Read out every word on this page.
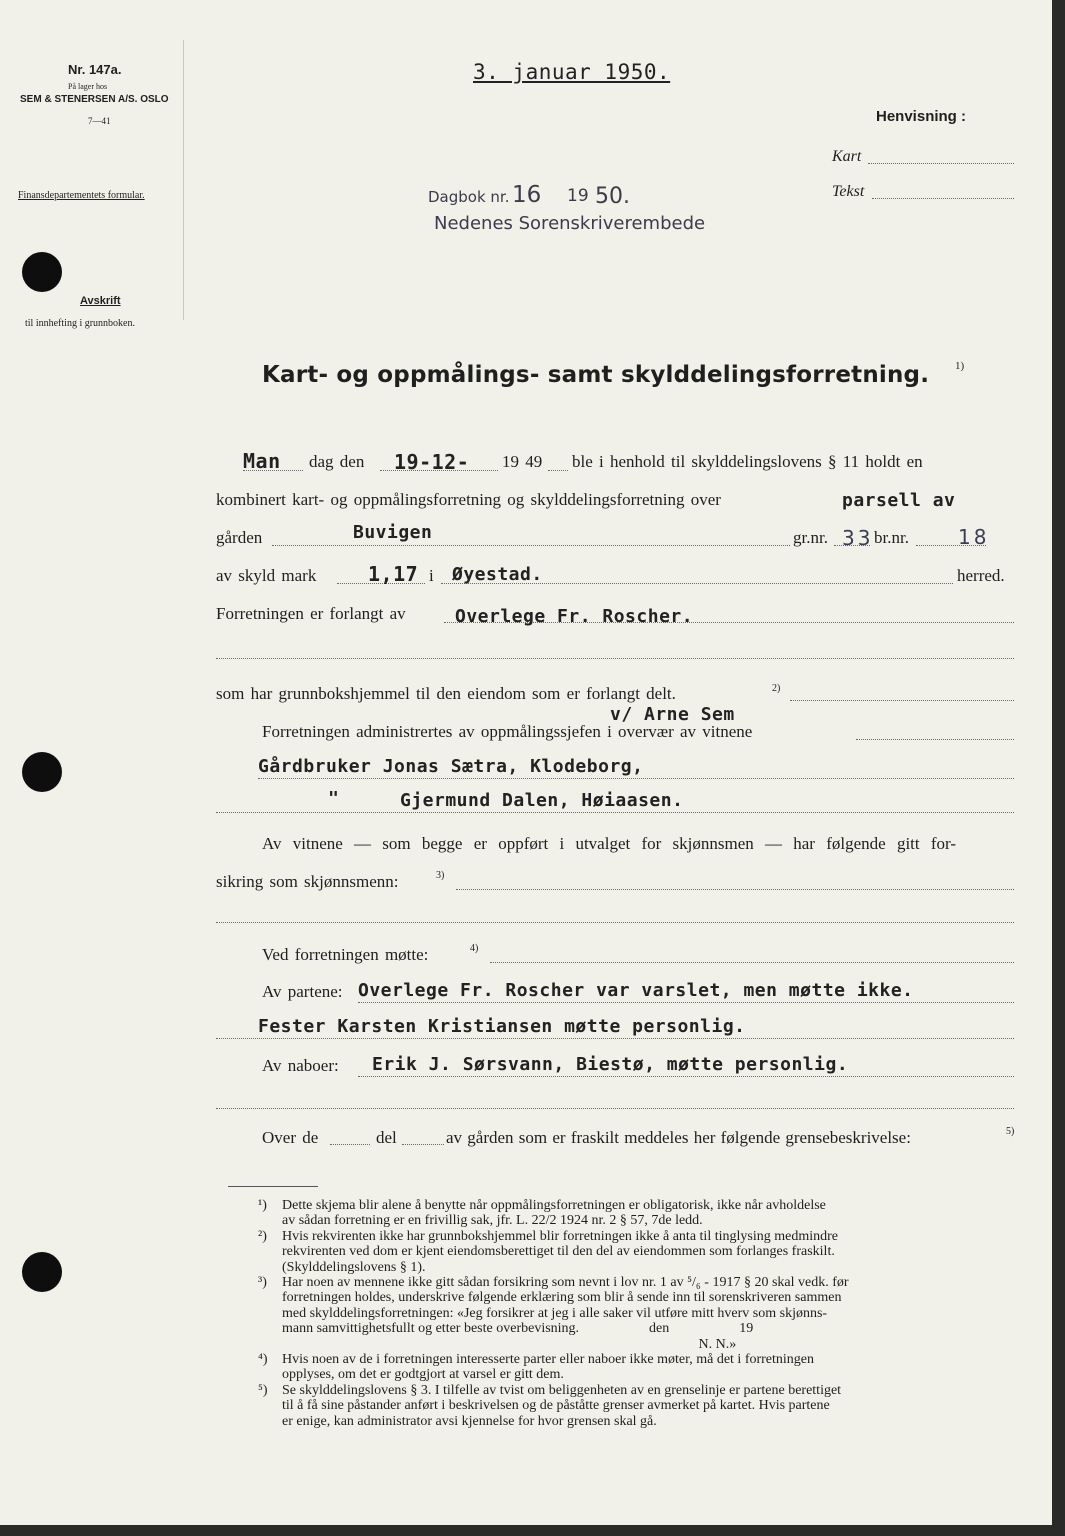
Nr. 147a.
På lager hos
SEM & STENERSEN A/S. OSLO
7—41
Finansdepartementets formular.
Avskrift
til innhefting i grunnboken.
3. januar 1950.
Henvisning :
Kart
Tekst
Dagbok nr. 16 19 50.
Nedenes Sorenskriverembede
Kart- og oppmålings- samt skylddelingsforretning. 1)
Man dag den 19-12- 19 49 ble i henhold til skylddelingslovens § 11 holdt en
kombinert kart- og oppmålingsforretning og skylddelingsforretning over	parsell av
gården	Buvigen	gr.nr. 33 br.nr. 18
av skyld mark	1,17 i Øyestad.	herred.
Forretningen er forlangt av	Overlege Fr. Roscher.
som har grunnbokshjemmel til den eiendom som er forlangt delt.	2)
v/ Arne Sem
Forretningen administrertes av oppmålingssjefen i overvær av vitnene
Gårdbruker Jonas Sætra, Klodeborg,
"	Gjermund Dalen, Høiaasen.
Av vitnene — som begge er oppført i utvalget for skjønnsmen — har følgende gitt for-
sikring som skjønnsmenn:	3)
Ved forretningen møtte:	4)
Av partene: Overlege Fr. Roscher var varslet, men møtte ikke.
Fester Karsten Kristiansen møtte personlig.
Av naboer: Erik J. Sørsvann, Biestø, møtte personlig.
Over de	del	av gården som er fraskilt meddeles her følgende grensebeskrivelse:	5)
¹) Dette skjema blir alene å benytte når oppmålingsforretningen er obligatorisk, ikke når avholdelse
av sådan forretning er en frivillig sak, jfr. L. 22/2 1924 nr. 2 § 57, 7de ledd.
²) Hvis rekvirenten ikke har grunnbokshjemmel blir forretningen ikke å anta til tinglysing medmindre
rekvirenten ved dom er kjent eiendomsberettiget til den del av eiendommen som forlanges fraskilt.
(Skylddelingslovens § 1).
³) Har noen av mennene ikke gitt sådan forsikring som nevnt i lov nr. 1 av ⁵/₆ - 1917 § 20 skal vedk. før
forretningen holdes, underskrive følgende erklæring som blir å sende inn til sorenskriveren sammen
med skylddelingsforretningen: «Jeg forsikrer at jeg i alle saker vil utføre mitt hverv som skjønns-
mann samvittighetsfullt og etter beste overbevisning.                    den                    19
N. N.»
⁴) Hvis noen av de i forretningen interesserte parter eller naboer ikke møter, må det i forretningen
opplyses, om det er godtgjort at varsel er gitt dem.
⁵) Se skylddelingslovens § 3. I tilfelle av tvist om beliggenheten av en grenselinje er partene berettiget
til å få sine påstander anført i beskrivelsen og de påståtte grenser avmerket på kartet. Hvis partene
er enige, kan administrator avsi kjennelse for hvor grensen skal gå.
